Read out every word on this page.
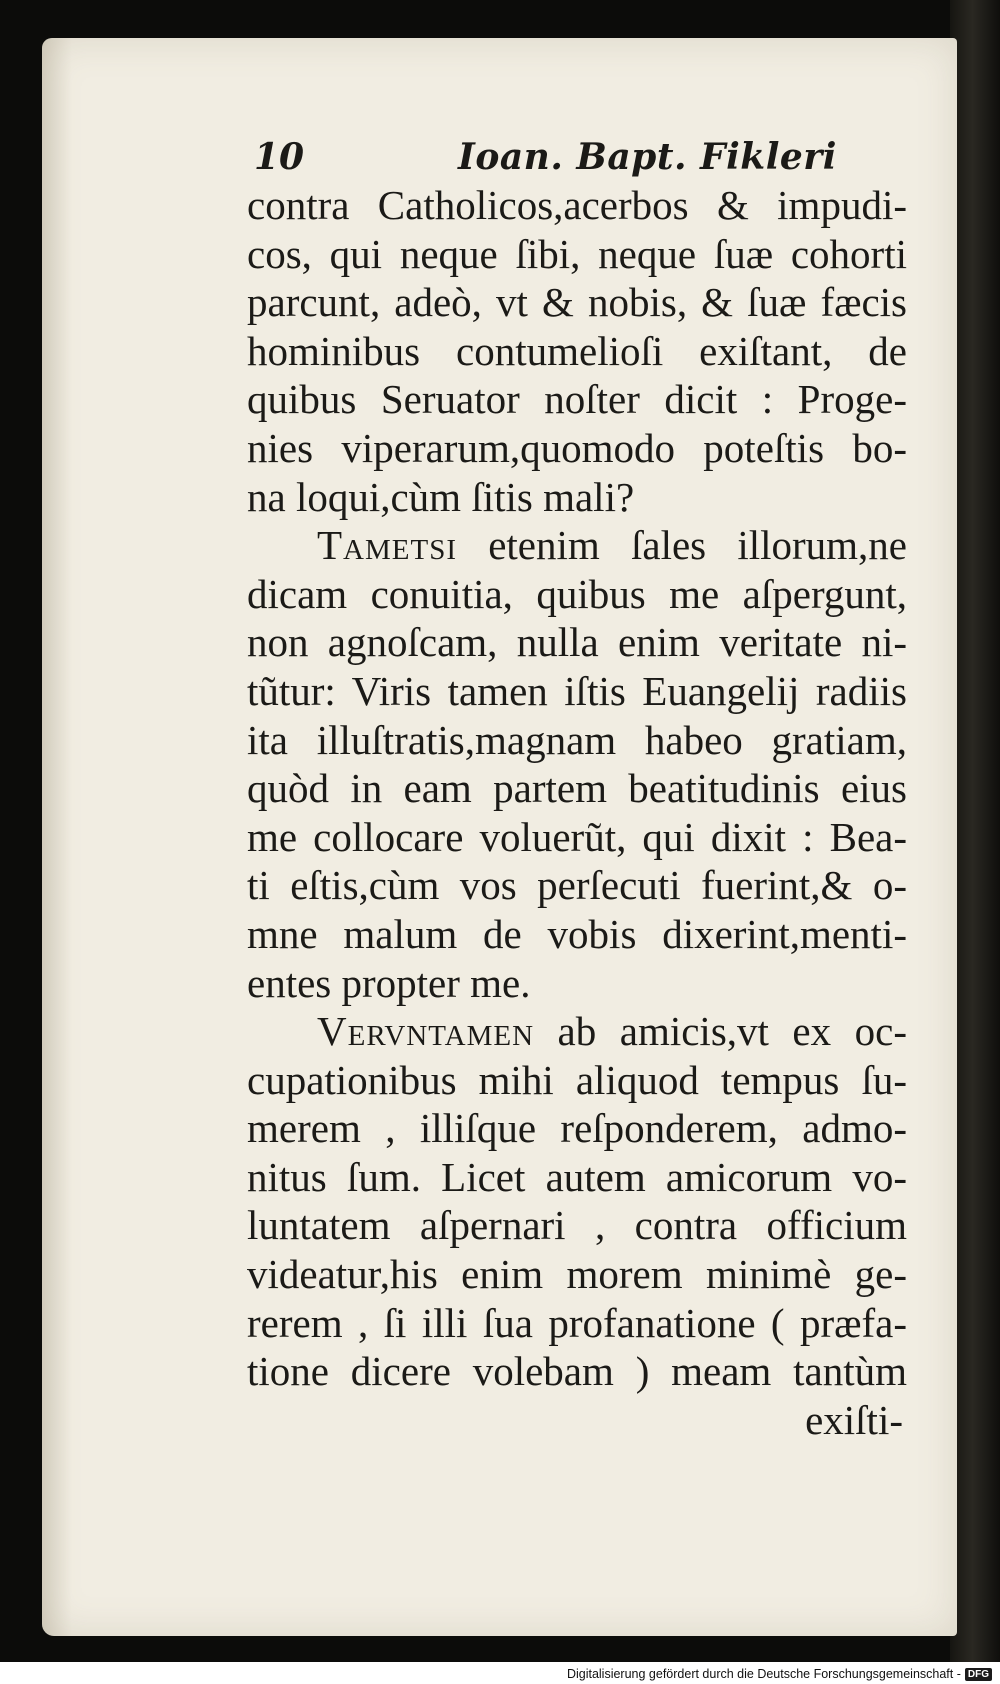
10	Ioan. Bapt. Fikleri
contra Catholicos,acerbos & impudi-
cos, qui neque ſibi, neque ſuæ cohorti
parcunt, adeò, vt & nobis, & ſuæ fæcis
hominibus contumelioſi exiſtant, de
quibus Seruator noſter dicit : Proge-
nies viperarum,quomodo poteſtis bo-
na loqui,cùm ſitis mali?
TAMETSI etenim ſales illorum,ne
dicam conuitia, quibus me aſpergunt,
non agnoſcam, nulla enim veritate ni-
tũtur: Viris tamen iſtis Euangelij radiis
ita illuſtratis,magnam habeo gratiam,
quòd in eam partem beatitudinis eius
me collocare voluerũt, qui dixit : Bea-
ti eſtis,cùm vos perſecuti fuerint,& o-
mne malum de vobis dixerint,menti-
entes propter me.
VERVNTAMEN ab amicis,vt ex oc-
cupationibus mihi aliquod tempus ſu-
merem , illiſque reſponderem, admo-
nitus ſum. Licet autem amicorum vo-
luntatem aſpernari , contra officium
videatur,his enim morem minimè ge-
rerem , ſi illi ſua profanatione ( præfa-
tione dicere volebam ) meam tantùm
exiſti-
Digitalisierung gefördert durch die Deutsche Forschungsgemeinschaft - DFG
